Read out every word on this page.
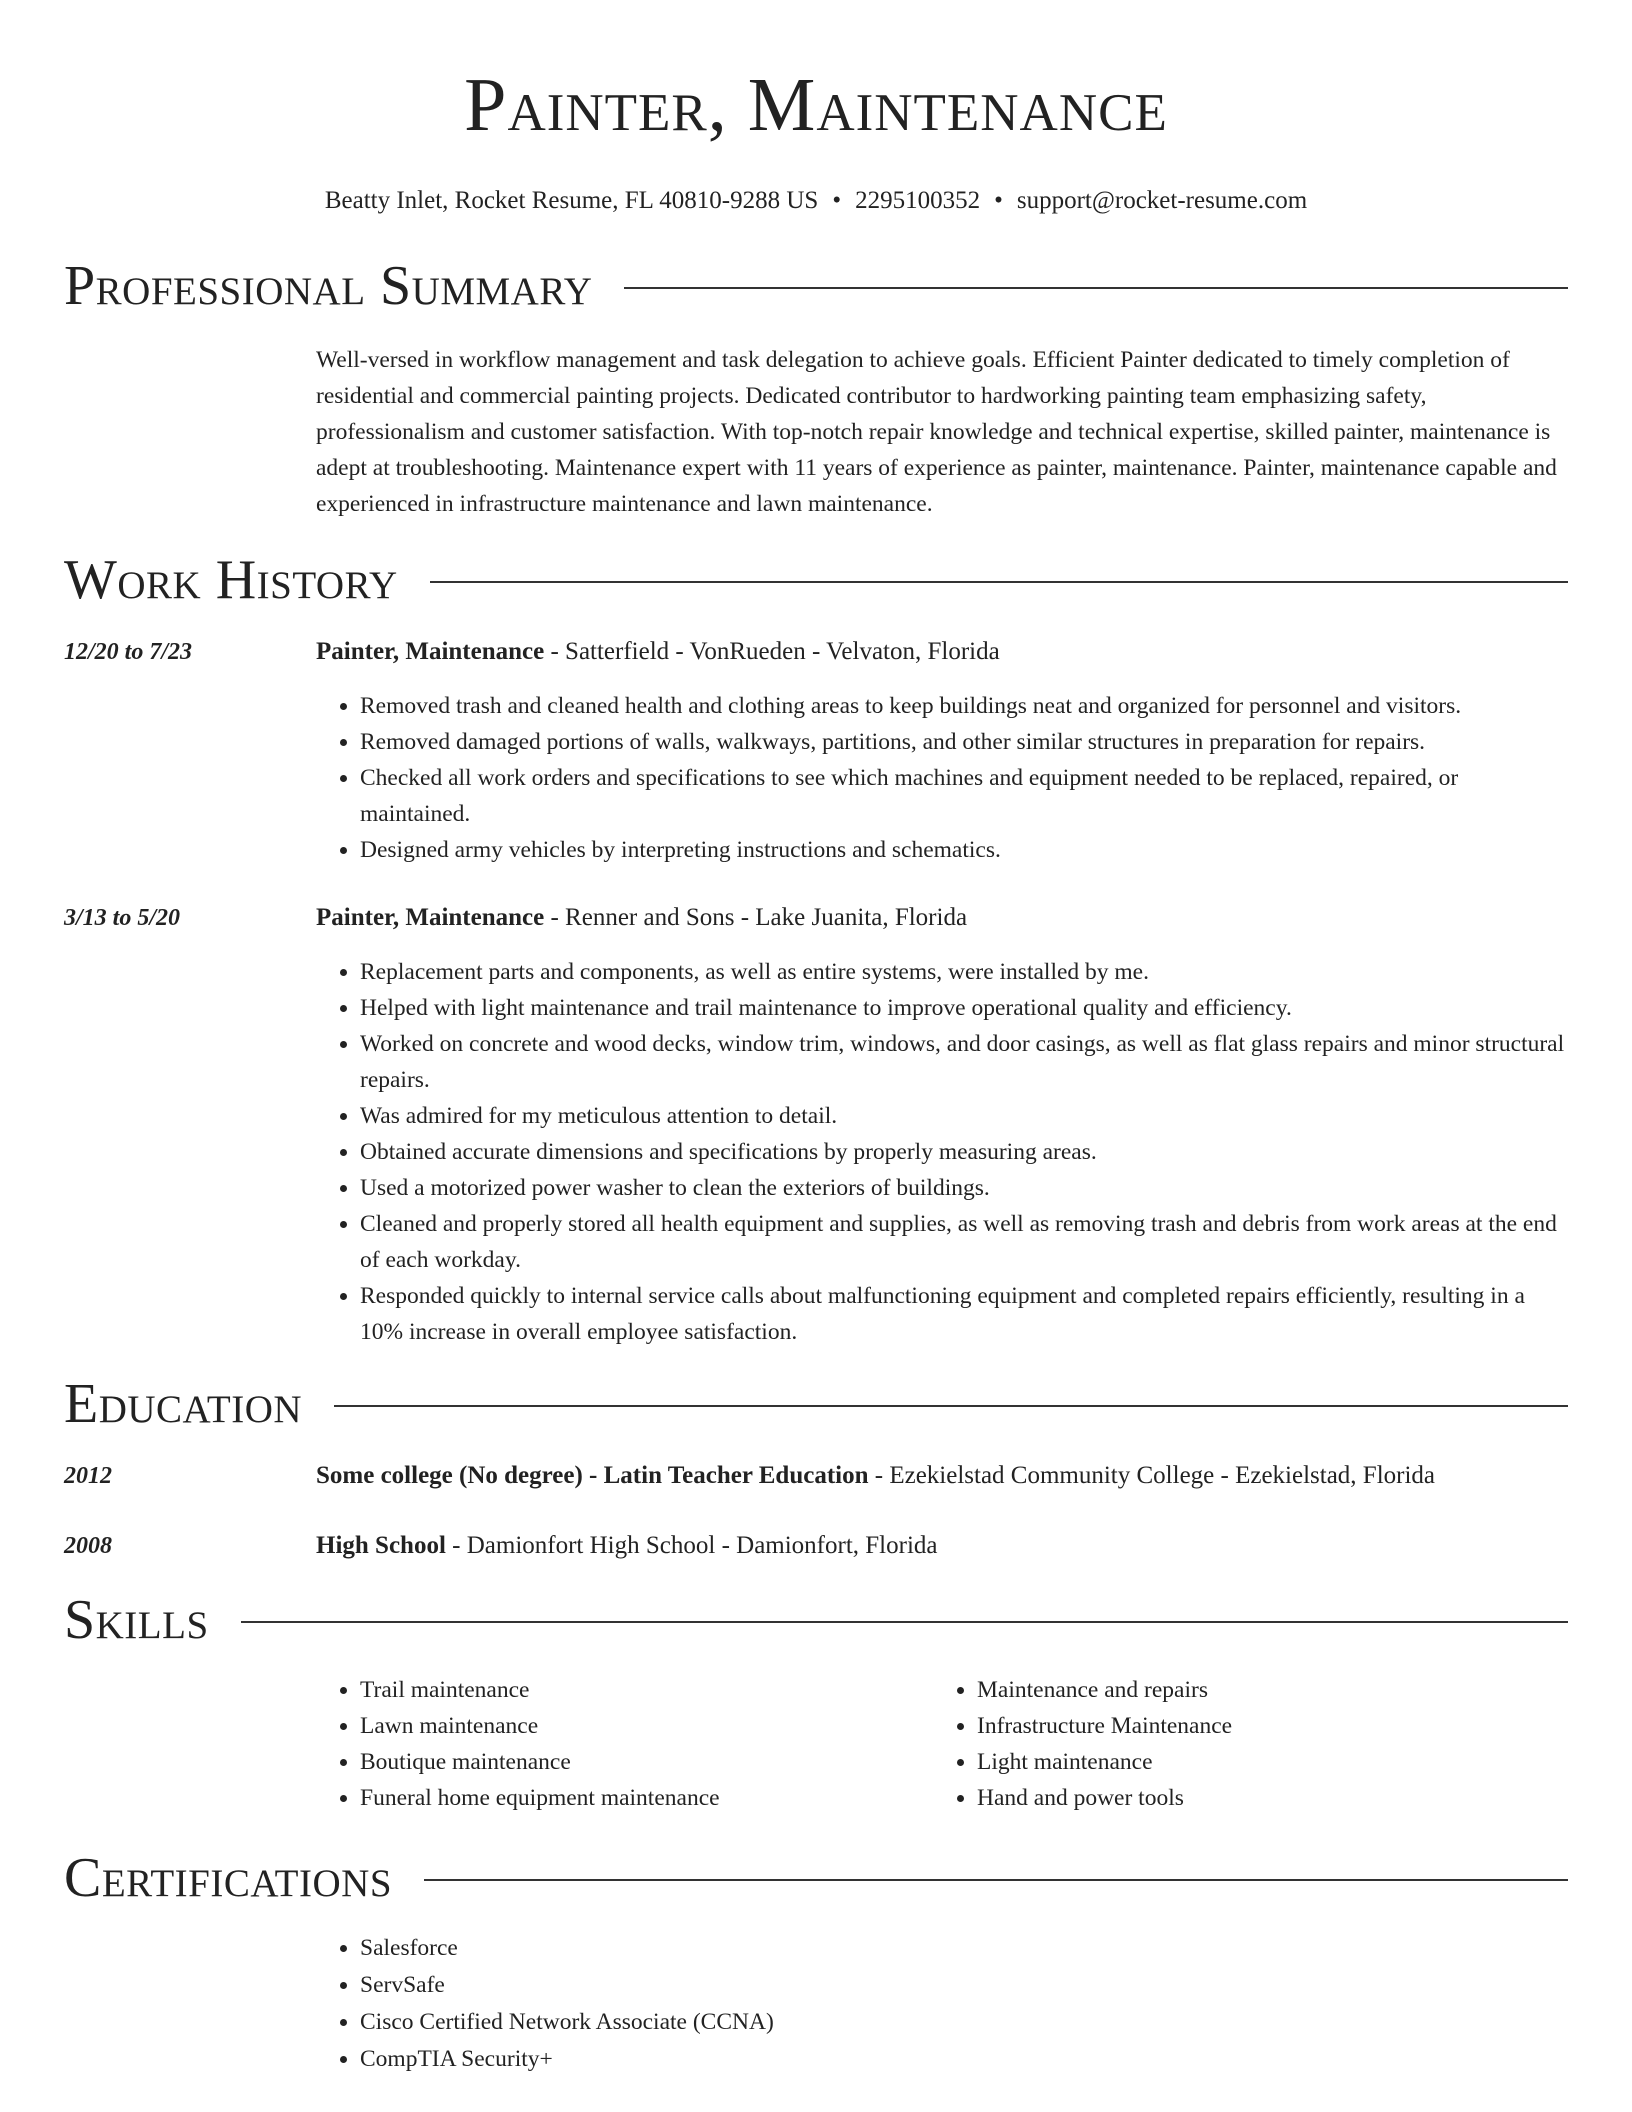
Painter, Maintenance
Beatty Inlet, Rocket Resume, FL 40810-9288 US • 2295100352 • support@rocket-resume.com
Professional Summary
Well-versed in workflow management and task delegation to achieve goals. Efficient Painter dedicated to timely completion of residential and commercial painting projects. Dedicated contributor to hardworking painting team emphasizing safety, professionalism and customer satisfaction. With top-notch repair knowledge and technical expertise, skilled painter, maintenance is adept at troubleshooting. Maintenance expert with 11 years of experience as painter, maintenance. Painter, maintenance capable and experienced in infrastructure maintenance and lawn maintenance.
Work History
12/20 to 7/23	Painter, Maintenance - Satterfield - VonRueden - Velvaton, Florida
• Removed trash and cleaned health and clothing areas to keep buildings neat and organized for personnel and visitors.
• Removed damaged portions of walls, walkways, partitions, and other similar structures in preparation for repairs.
• Checked all work orders and specifications to see which machines and equipment needed to be replaced, repaired, or maintained.
• Designed army vehicles by interpreting instructions and schematics.
3/13 to 5/20	Painter, Maintenance - Renner and Sons - Lake Juanita, Florida
• Replacement parts and components, as well as entire systems, were installed by me.
• Helped with light maintenance and trail maintenance to improve operational quality and efficiency.
• Worked on concrete and wood decks, window trim, windows, and door casings, as well as flat glass repairs and minor structural repairs.
• Was admired for my meticulous attention to detail.
• Obtained accurate dimensions and specifications by properly measuring areas.
• Used a motorized power washer to clean the exteriors of buildings.
• Cleaned and properly stored all health equipment and supplies, as well as removing trash and debris from work areas at the end of each workday.
• Responded quickly to internal service calls about malfunctioning equipment and completed repairs efficiently, resulting in a 10% increase in overall employee satisfaction.
Education
2012	Some college (No degree) - Latin Teacher Education - Ezekielstad Community College - Ezekielstad, Florida
2008	High School - Damionfort High School - Damionfort, Florida
Skills
• Trail maintenance
• Lawn maintenance
• Boutique maintenance
• Funeral home equipment maintenance
• Maintenance and repairs
• Infrastructure Maintenance
• Light maintenance
• Hand and power tools
Certifications
• Salesforce
• ServSafe
• Cisco Certified Network Associate (CCNA)
• CompTIA Security+
